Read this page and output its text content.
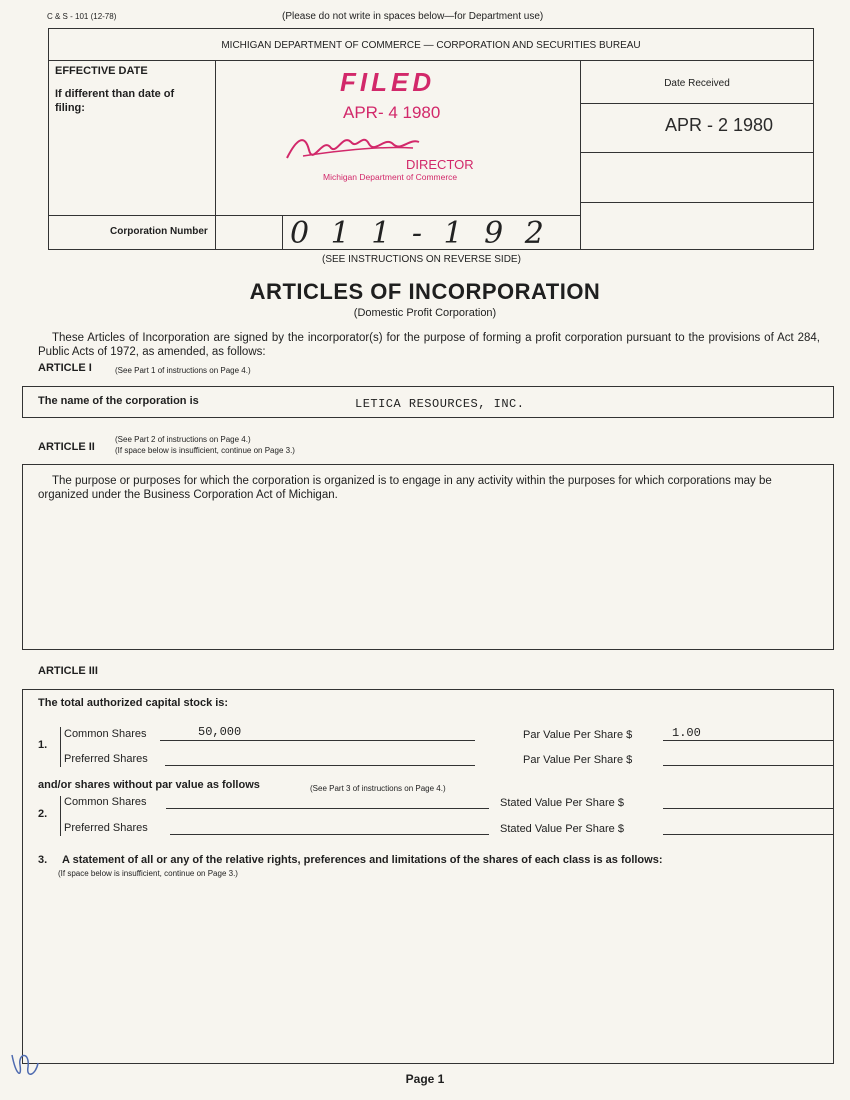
C & S - 101 (12-78)	(Please do not write in spaces below—for Department use)
MICHIGAN DEPARTMENT OF COMMERCE — CORPORATION AND SECURITIES BUREAU
EFFECTIVE DATE
If different than date of filing:
FILED
APR- 4 1980
DIRECTOR
Michigan Department of Commerce
Date Received
APR - 2 1980
Corporation Number	0 1 1 - 1 9 2
(SEE INSTRUCTIONS ON REVERSE SIDE)
ARTICLES OF INCORPORATION
(Domestic Profit Corporation)
These Articles of Incorporation are signed by the incorporator(s) for the purpose of forming a profit corporation pursuant to the provisions of Act 284, Public Acts of 1972, as amended, as follows:
ARTICLE I	(See Part 1 of instructions on Page 4.)
The name of the corporation is	LETICA RESOURCES, INC.
ARTICLE II
(See Part 2 of instructions on Page 4.)
(If space below is insufficient, continue on Page 3.)
The purpose or purposes for which the corporation is organized is to engage in any activity within the purposes for which corporations may be organized under the Business Corporation Act of Michigan.
ARTICLE III
The total authorized capital stock is:
1.
Common Shares	50,000	Par Value Per Share $	1.00
Preferred Shares	Par Value Per Share $
and/or shares without par value as follows	(See Part 3 of instructions on Page 4.)
2.
Common Shares	Stated Value Per Share $
Preferred Shares	Stated Value Per Share $
3. A statement of all or any of the relative rights, preferences and limitations of the shares of each class is as follows:
(If space below is insufficient, continue on Page 3.)
Page 1
